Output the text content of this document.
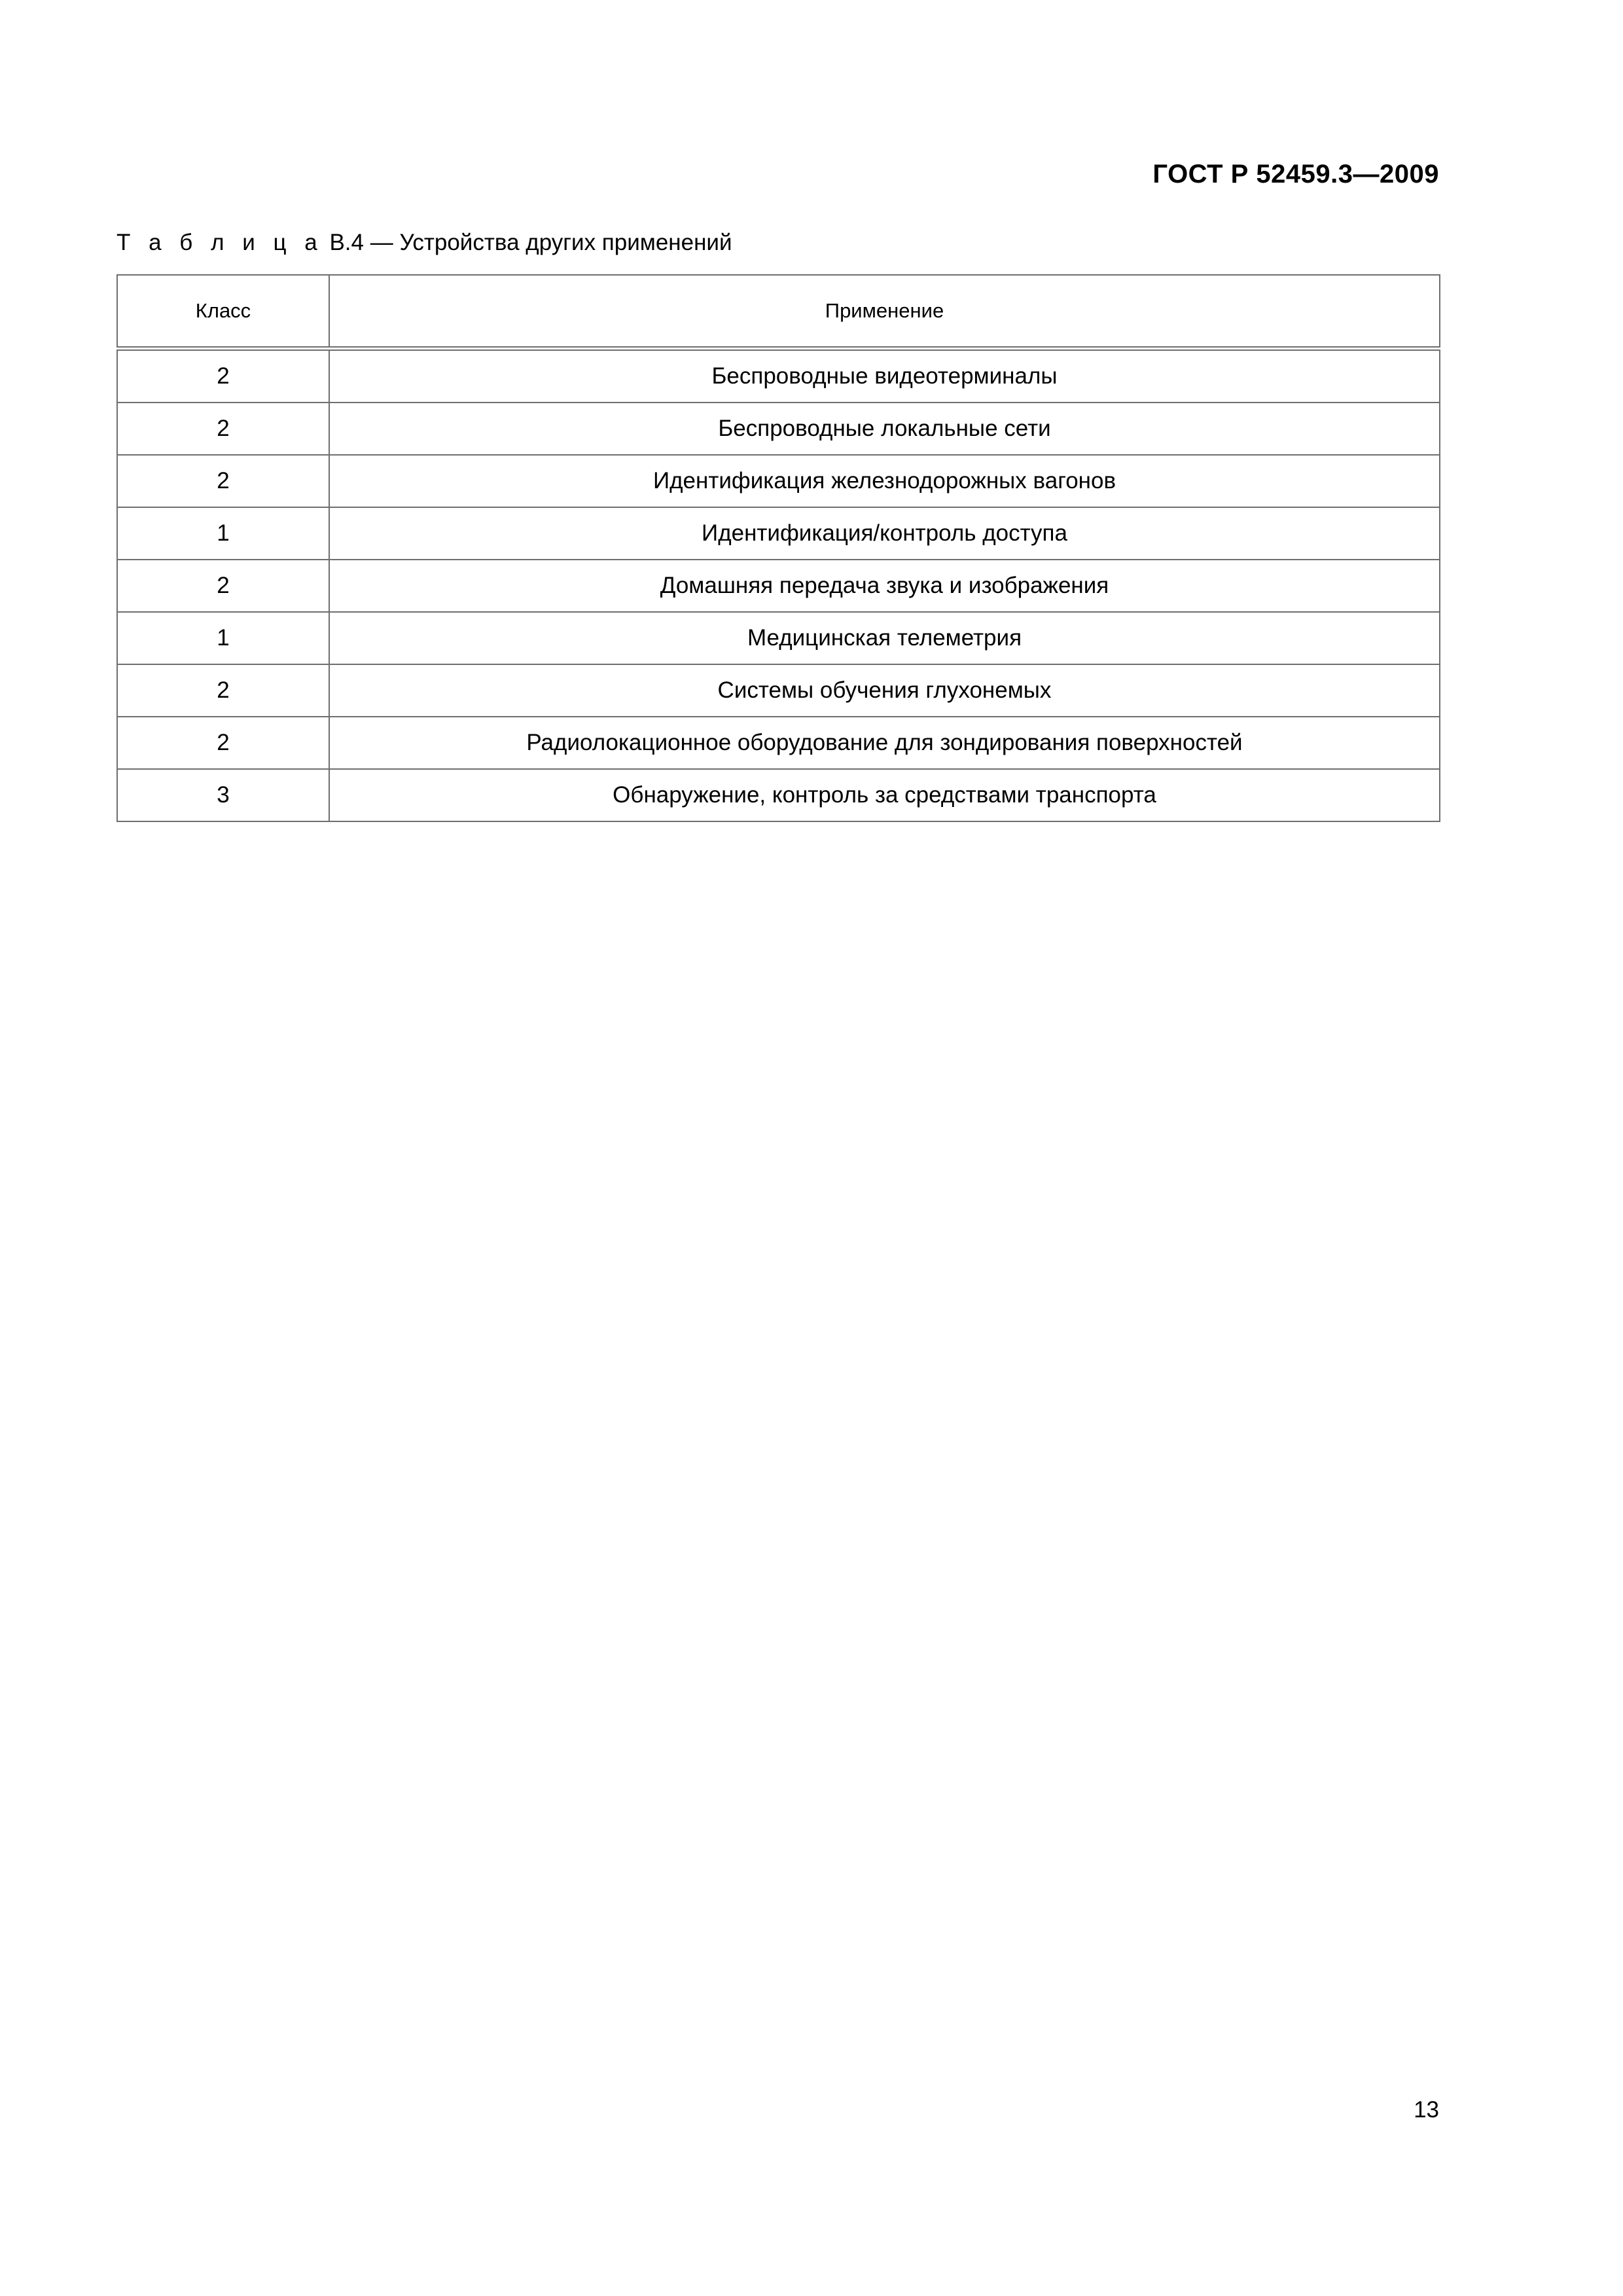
ГОСТ Р 52459.3—2009
Т а б л и ц а В.4 — Устройства других применений
Класс	Применение
2	Беспроводные видеотерминалы
2	Беспроводные локальные сети
2	Идентификация железнодорожных вагонов
1	Идентификация/контроль доступа
2	Домашняя передача звука и изображения
1	Медицинская телеметрия
2	Системы обучения глухонемых
2	Радиолокационное оборудование для зондирования поверхностей
3	Обнаружение, контроль за средствами транспорта
13
